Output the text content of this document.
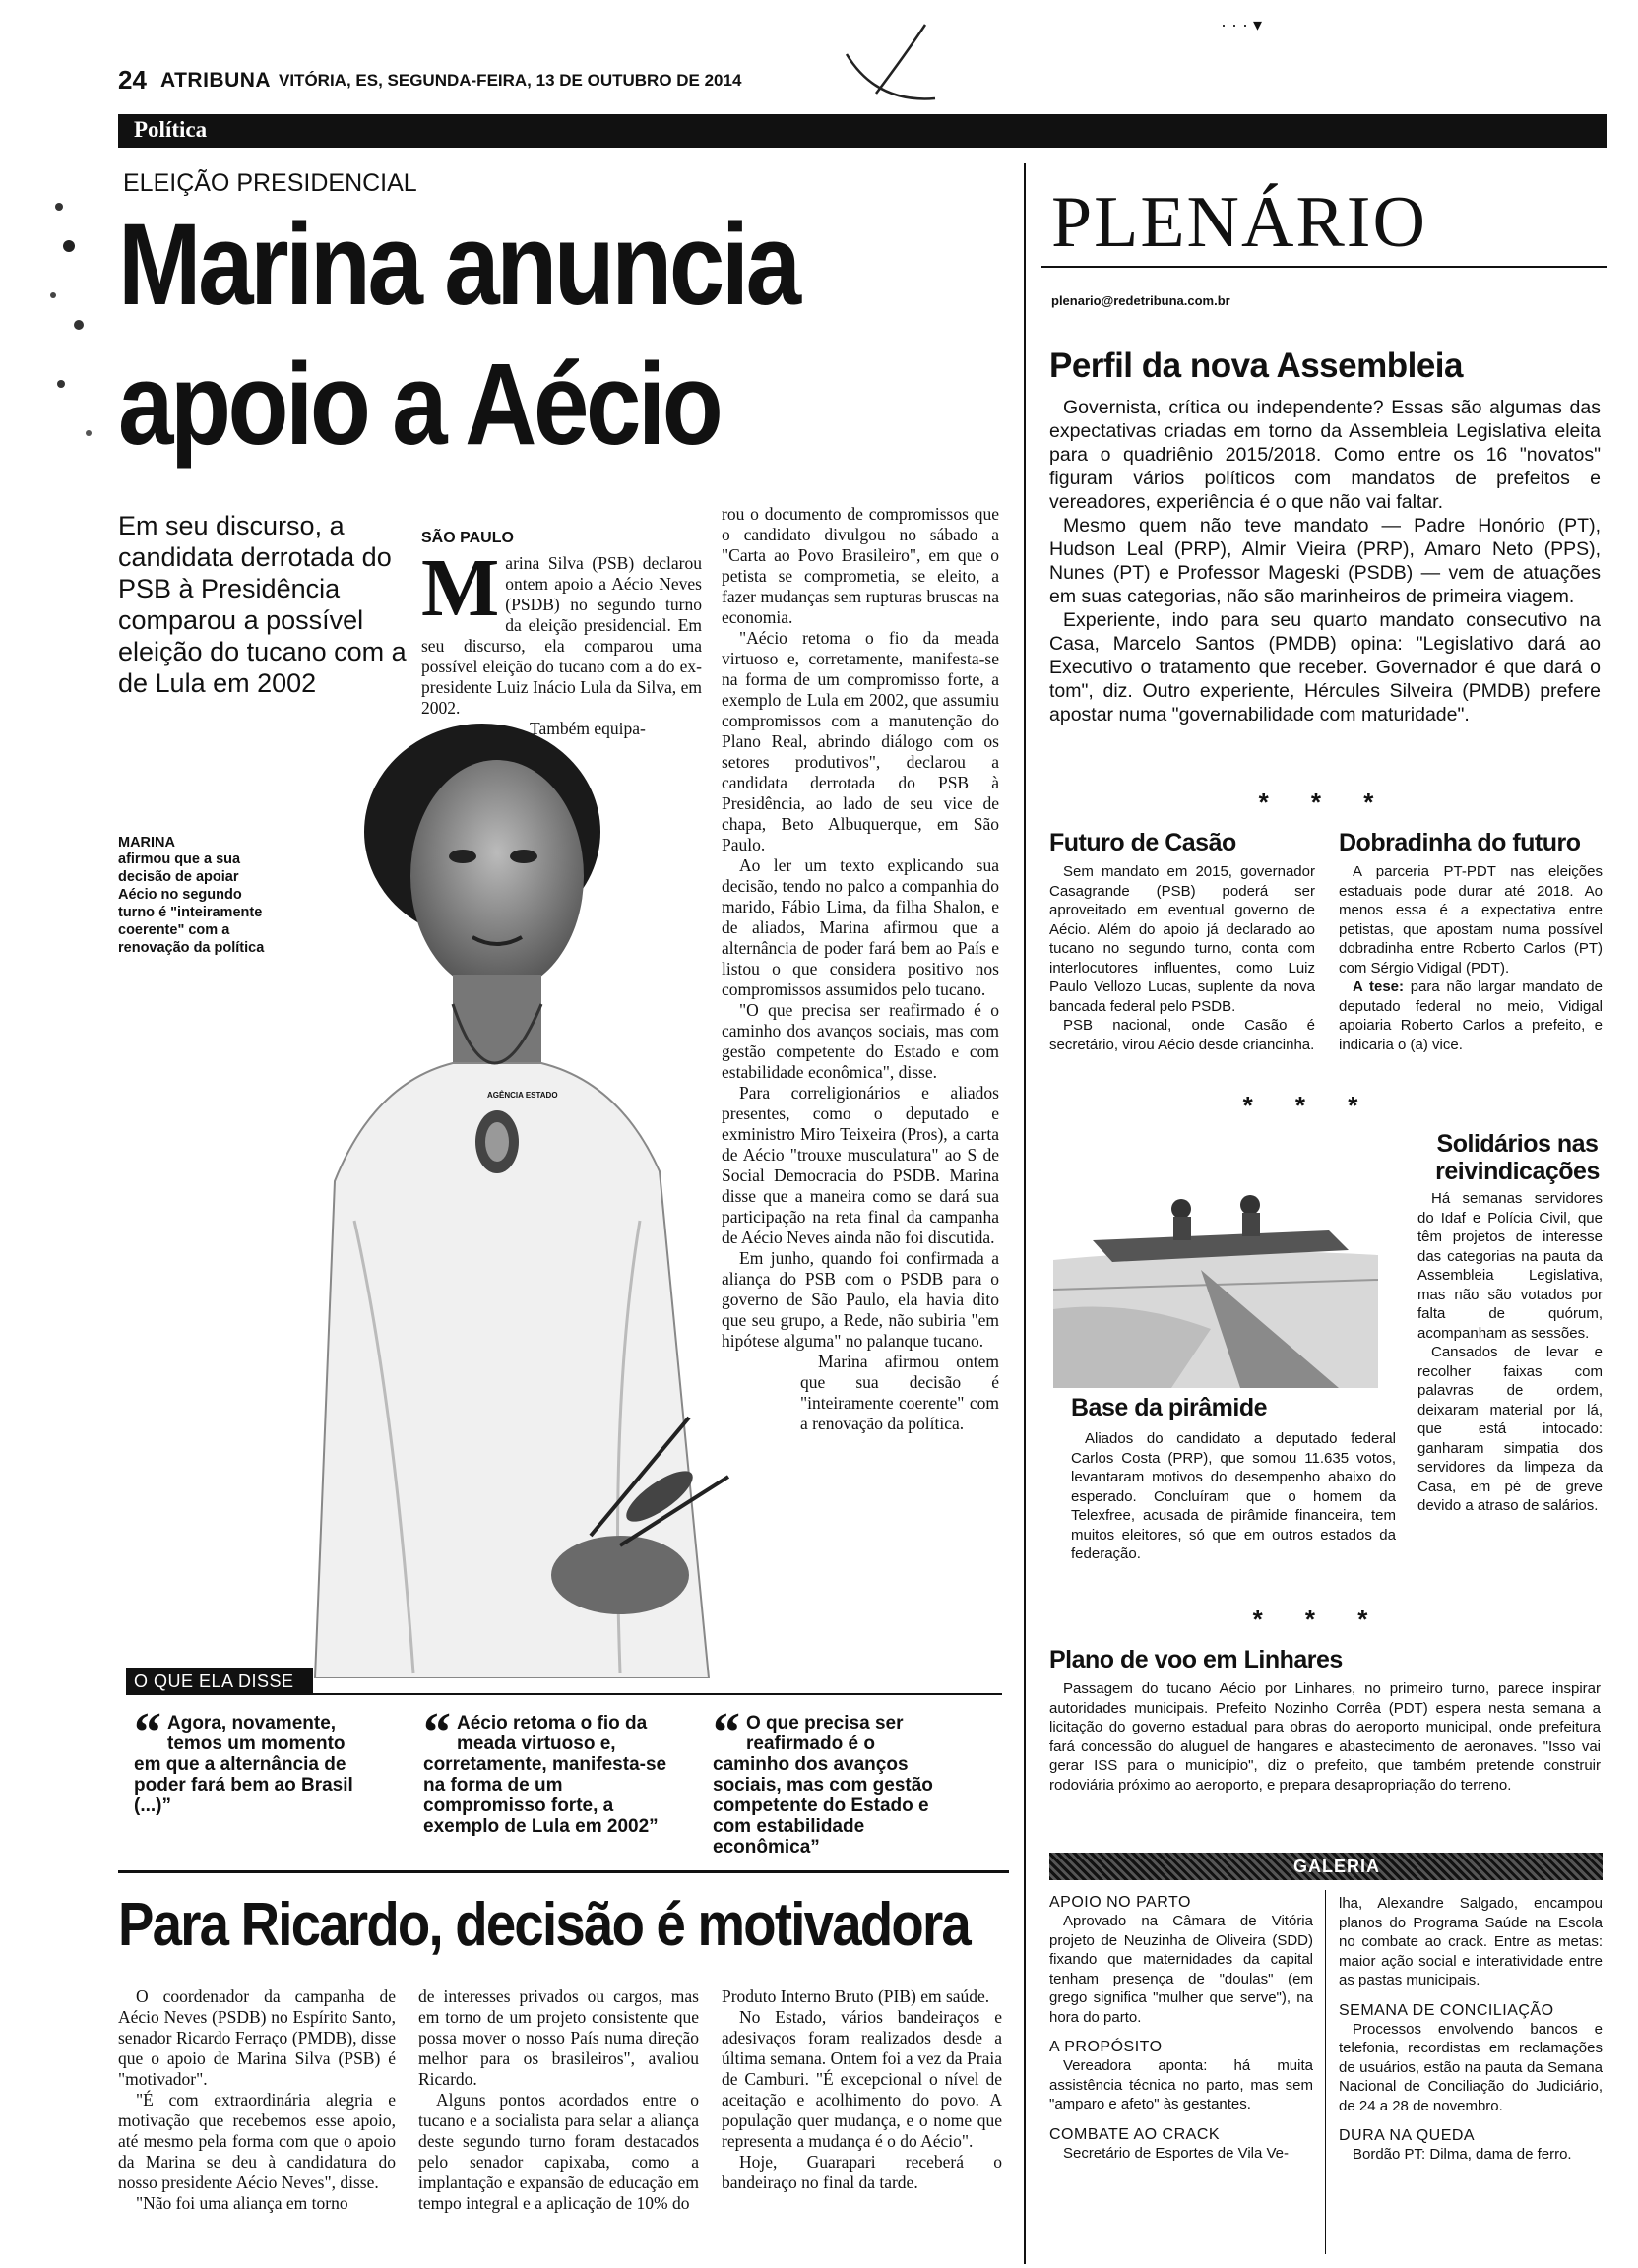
24 ATRIBUNA VITÓRIA, ES, SEGUNDA-FEIRA, 13 DE OUTUBRO DE 2014
· · · ▾
Política
ELEIÇÃO PRESIDENCIAL
Marina anuncia
apoio a Aécio
Em seu discurso, a candidata derrotada do PSB à Presidência comparou a possível eleição do tucano com a de Lula em 2002
AGÊNCIA ESTADO
MARINA
afirmou que a sua decisão de apoiar Aécio no segundo turno é "inteiramente coerente" com a renovação da política
SÃO PAULO
Marina Silva (PSB) declarou ontem apoio a Aécio Neves (PSDB) no segundo turno da eleição presidencial. Em seu discurso, ela comparou uma possível eleição do tucano com a do ex-presidente Luiz Inácio Lula da Silva, em 2002.
Também equipa-
rou o documento de compromissos que o candidato divulgou no sábado a "Carta ao Povo Brasileiro", em que o petista se comprometia, se eleito, a fazer mudanças sem rupturas bruscas na economia.
"Aécio retoma o fio da meada virtuoso e, corretamente, manifesta-se na forma de um compromisso forte, a exemplo de Lula em 2002, que assumiu compromissos com a manutenção do Plano Real, abrindo diálogo com os setores produtivos", declarou a candidata derrotada do PSB à Presidência, ao lado de seu vice de chapa, Beto Albuquerque, em São Paulo.
Ao ler um texto explicando sua decisão, tendo no palco a companhia do marido, Fábio Lima, da filha Shalon, e de aliados, Marina afirmou que a alternância de poder fará bem ao País e listou o que considera positivo nos compromissos assumidos pelo tucano.
"O que precisa ser reafirmado é o caminho dos avanços sociais, mas com gestão competente do Estado e com estabilidade econômica", disse.
Para correligionários e aliados presentes, como o deputado e exministro Miro Teixeira (Pros), a carta de Aécio "trouxe musculatura" ao S de Social Democracia do PSDB. Marina disse que a maneira como se dará sua participação na reta final da campanha de Aécio Neves ainda não foi discutida.
Em junho, quando foi confirmada a aliança do PSB com o PSDB para o governo de São Paulo, ela havia dito que seu grupo, a Rede, não subiria "em hipótese alguma" no palanque tucano.
Marina afirmou ontem que sua decisão é "inteiramente coerente" com a renovação da política.
O QUE ELA DISSE
“ Agora, novamente, temos um momento em que a alternância de poder fará bem ao Brasil (...)”
“ Aécio retoma o fio da meada virtuoso e, corretamente, manifesta-se na forma de um compromisso forte, a exemplo de Lula em 2002”
“ O que precisa ser reafirmado é o caminho dos avanços sociais, mas com gestão competente do Estado e com estabilidade econômica”
Para Ricardo, decisão é motivadora
O coordenador da campanha de Aécio Neves (PSDB) no Espírito Santo, senador Ricardo Ferraço (PMDB), disse que o apoio de Marina Silva (PSB) é "motivador".
"É com extraordinária alegria e motivação que recebemos esse apoio, até mesmo pela forma com que o apoio da Marina se deu à candidatura do nosso presidente Aécio Neves", disse.
"Não foi uma aliança em torno
de interesses privados ou cargos, mas em torno de um projeto consistente que possa mover o nosso País numa direção melhor para os brasileiros", avaliou Ricardo.
Alguns pontos acordados entre o tucano e a socialista para selar a aliança deste segundo turno foram destacados pelo senador capixaba, como a implantação e expansão de educação em tempo integral e a aplicação de 10% do
Produto Interno Bruto (PIB) em saúde.
No Estado, vários bandeiraços e adesivaços foram realizados desde a última semana. Ontem foi a vez da Praia de Camburi. "É excepcional o nível de aceitação e acolhimento do povo. A população quer mudança, e o nome que representa a mudança é o do Aécio".
Hoje, Guarapari receberá o bandeiraço no final da tarde.
PLENÁRIO
plenario@redetribuna.com.br
Perfil da nova Assembleia
Governista, crítica ou independente? Essas são algumas das expectativas criadas em torno da Assembleia Legislativa eleita para o quadriênio 2015/2018. Como entre os 16 "novatos" figuram vários políticos com mandatos de prefeitos e vereadores, experiência é o que não vai faltar.
Mesmo quem não teve mandato — Padre Honório (PT), Hudson Leal (PRP), Almir Vieira (PRP), Amaro Neto (PPS), Nunes (PT) e Professor Mageski (PSDB) — vem de atuações em suas categorias, não são marinheiros de primeira viagem.
Experiente, indo para seu quarto mandato consecutivo na Casa, Marcelo Santos (PMDB) opina: "Legislativo dará ao Executivo o tratamento que receber. Governador é que dará o tom", diz. Outro experiente, Hércules Silveira (PMDB) prefere apostar numa "governabilidade com maturidade".
* * *
Futuro de Casão
Sem mandato em 2015, governador Casagrande (PSB) poderá ser aproveitado em eventual governo de Aécio. Além do apoio já declarado ao tucano no segundo turno, conta com interlocutores influentes, como Luiz Paulo Vellozo Lucas, suplente da nova bancada federal pelo PSDB.
PSB nacional, onde Casão é secretário, virou Aécio desde criancinha.
Dobradinha do futuro
A parceria PT-PDT nas eleições estaduais pode durar até 2018. Ao menos essa é a expectativa entre petistas, que apostam numa possível dobradinha entre Roberto Carlos (PT) com Sérgio Vidigal (PDT).
A tese: para não largar mandato de deputado federal no meio, Vidigal apoiaria Roberto Carlos a prefeito, e indicaria o (a) vice.
* * *
Solidários nas reivindicações
Há semanas servidores do Idaf e Polícia Civil, que têm projetos de interesse das categorias na pauta da Assembleia Legislativa, mas não são votados por falta de quórum, acompanham as sessões.
Cansados de levar e recolher faixas com palavras de ordem, deixaram material por lá, que está intocado: ganharam simpatia dos servidores da limpeza da Casa, em pé de greve devido a atraso de salários.
Base da pirâmide
Aliados do candidato a deputado federal Carlos Costa (PRP), que somou 11.635 votos, levantaram motivos do desempenho abaixo do esperado. Concluíram que o homem da Telexfree, acusada de pirâmide financeira, tem muitos eleitores, só que em outros estados da federação.
* * *
Plano de voo em Linhares
Passagem do tucano Aécio por Linhares, no primeiro turno, parece inspirar autoridades municipais. Prefeito Nozinho Corrêa (PDT) espera nesta semana a licitação do governo estadual para obras do aeroporto municipal, onde prefeitura fará concessão do aluguel de hangares e abastecimento de aeronaves. "Isso vai gerar ISS para o município", diz o prefeito, que também pretende construir rodoviária próximo ao aeroporto, e prepara desapropriação do terreno.
GALERIA
APOIO NO PARTO
Aprovado na Câmara de Vitória projeto de Neuzinha de Oliveira (SDD) fixando que maternidades da capital tenham presença de "doulas" (em grego significa "mulher que serve"), na hora do parto.
A PROPÓSITO
Vereadora aponta: há muita assistência técnica no parto, mas sem "amparo e afeto" às gestantes.
COMBATE AO CRACK
Secretário de Esportes de Vila Ve-
lha, Alexandre Salgado, encampou planos do Programa Saúde na Escola no combate ao crack. Entre as metas: maior ação social e interatividade entre as pastas municipais.
SEMANA DE CONCILIAÇÃO
Processos envolvendo bancos e telefonia, recordistas em reclamações de usuários, estão na pauta da Semana Nacional de Conciliação do Judiciário, de 24 a 28 de novembro.
DURA NA QUEDA
Bordão PT: Dilma, dama de ferro.
